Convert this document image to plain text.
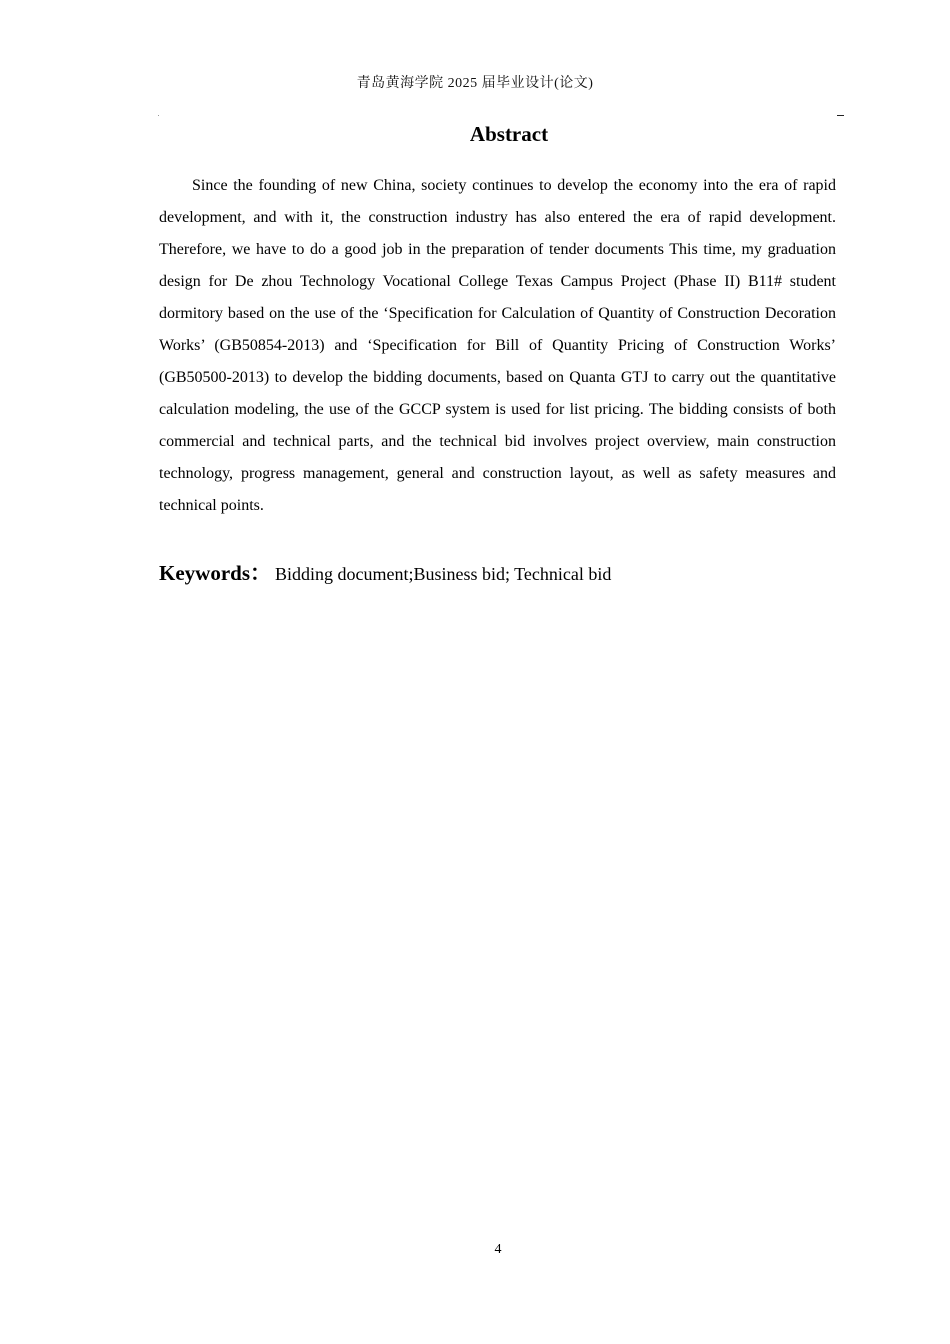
青岛黄海学院 2025 届毕业设计(论文)
Abstract

Since the founding of new China, society continues to develop the economy into the era of rapid development, and with it, the construction industry has also entered the era of rapid development. Therefore, we have to do a good job in the preparation of tender documents This time, my graduation design for De zhou Technology Vocational College Texas Campus Project (Phase II) B11# student dormitory based on the use of the ‘Specification for Calculation of Quantity of Construction Decoration Works’ (GB50854-2013) and ‘Specification for Bill of Quantity Pricing of Construction Works’ (GB50500-2013) to develop the bidding documents, based on Quanta GTJ to carry out the quantitative calculation modeling, the use of the GCCP system is used for list pricing. The bidding consists of both commercial and technical parts, and the technical bid involves project overview, main construction technology, progress management, general and construction layout, as well as safety measures and technical points.

Keywords： Bidding document;Business bid; Technical bid
4
